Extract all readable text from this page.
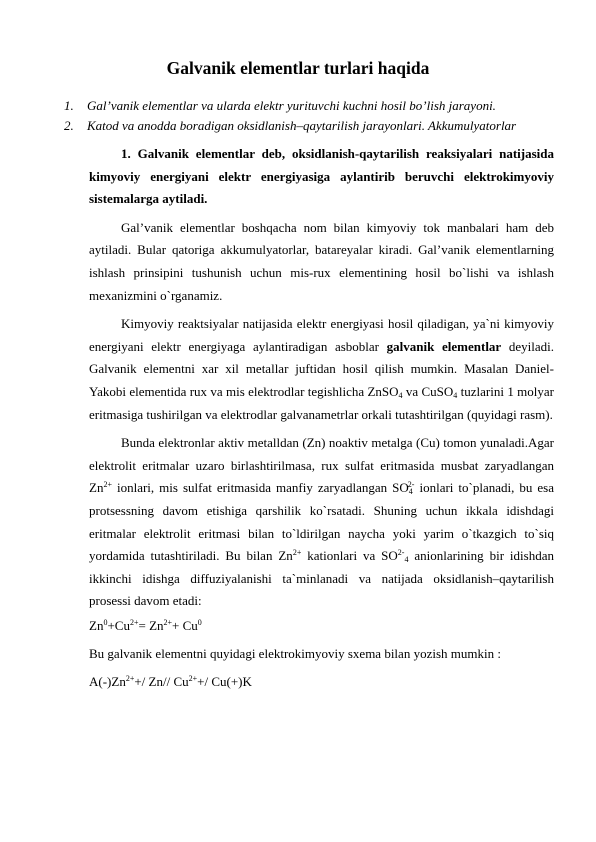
Galvanik elementlar turlari haqida
1.	Gal’vanik elementlar va ularda elektr yurituvchi kuchni hosil bo’lish jarayoni.
2.	Katod va anodda boradigan oksidlanish–qaytarilish jarayonlari. Akkumulyatorlar

1. Galvanik elementlar deb, oksidlanish-qaytarilish reaksiyalari natijasida kimyoviy energiyani elektr energiyasiga aylantirib beruvchi elektrokimyoviy sistemalarga aytiladi.

Gal’vanik elementlar boshqacha nom bilan kimyoviy tok manbalari ham deb aytiladi. Bular qatoriga akkumulyatorlar, batareyalar kiradi. Gal’vanik elementlarning ishlash prinsipini tushunish uchun mis-rux elementining hosil bo`lishi va ishlash mexanizmini o`rganamiz.

Kimyoviy reaktsiyalar natijasida elektr energiyasi hosil qiladigan, ya`ni kimyoviy energiyani elektr energiyaga aylantiradigan asboblar galvanik elementlar deyiladi. Galvanik elementni xar xil metallar juftidan hosil qilish mumkin. Masalan Daniel-Yakobi elementida rux va mis elektrodlar tegishlicha ZnSO$_4$ va CuSO$_4$ tuzlarini 1 molyar eritmasiga tushirilgan va elektrodlar galvanametrlar orkali tutashtirilgan (quyidagi rasm).

Bunda elektronlar aktiv metalldan (Zn) noaktiv metalga (Cu) tomon yunaladi.Agar elektrolit eritmalar uzaro birlashtirilmasa, rux sulfat eritmasida musbat zaryadlangan $Zn^{2+}$ ionlari, mis sulfat eritmasida manfiy zaryadlangan $SO_4^{2-}$ ionlari to`planadi, bu esa protsessning davom etishiga qarshilik ko`rsatadi. Shuning uchun ikkala idishdagi eritmalar elektrolit eritmasi bilan to`ldirilgan naycha yoki yarim o`tkazgich to`siq yordamida tutashtiriladi. Bu bilan $Zn^{2+}$ kationlari va $SO^{2-}_4$ anionlarining bir idishdan ikkinchi idishga diffuziyalanishi ta`minlanadi va natijada oksidlanish–qaytarilish prosessi davom etadi:

$Zn^0+Cu^{2+}= Zn^{2+}+ Cu^0$

Bu galvanik elementni quyidagi elektrokimyoviy sxema bilan yozish mumkin :

$A(-)Zn^{2+}+/$ Zn// $Cu^{2+}+/$ Cu(+)K
